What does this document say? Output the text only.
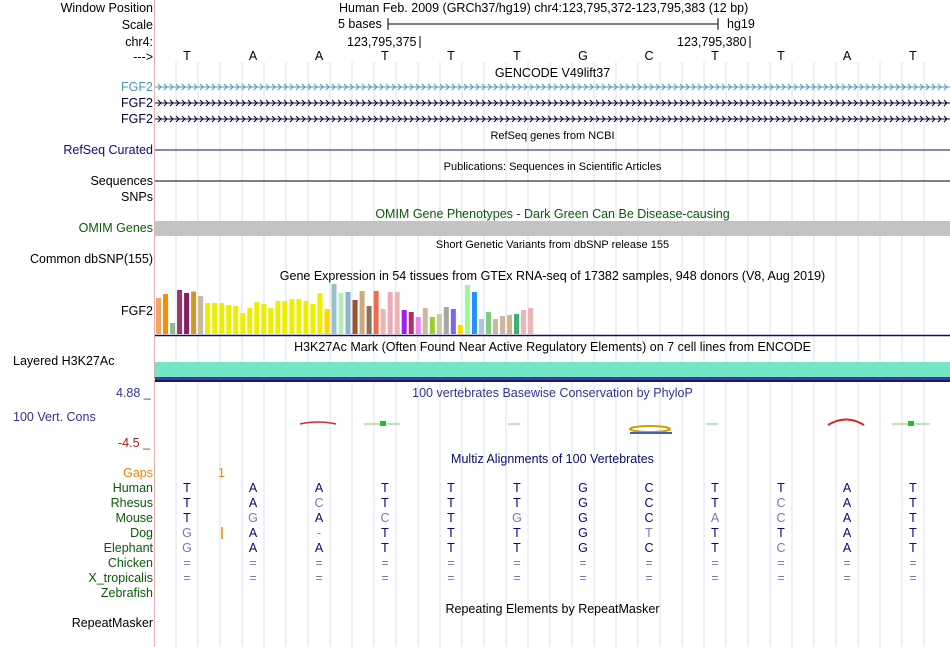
Window Position	Human Feb. 2009 (GRCh37/hg19) chr4:123,795,372-123,795,383 (12 bp)
Scale	5 bases	hg19
chr4:	123,795,375	123,795,380
--->	T	A	A	T	T	T	G	C	T	T	A	T
GENCODE V49lift37
FGF2
FGF2
FGF2
RefSeq genes from NCBI
RefSeq Curated
Publications: Sequences in Scientific Articles
Sequences
SNPs
OMIM Gene Phenotypes - Dark Green Can Be Disease-causing
OMIM Genes
Short Genetic Variants from dbSNP release 155
Common dbSNP(155)
Gene Expression in 54 tissues from GTEx RNA-seq of 17382 samples, 948 donors (V8, Aug 2019)
FGF2
H3K27Ac Mark (Often Found Near Active Regulatory Elements) on 7 cell lines from ENCODE
Layered H3K27Ac
100 vertebrates Basewise Conservation by PhyloP
4.88 _
100 Vert. Cons
-4.5 _
Multiz Alignments of 100 Vertebrates
Gaps	1
Human	T	A	A	T	T	T	G	C	T	T	A	T
Rhesus	T	A	C	T	T	T	G	C	T	C	A	T
Mouse	T	G	A	C	T	G	G	C	A	C	A	T
Dog	G	A	-	T	T	T	G	T	T	T	A	T
Elephant	G	A	A	T	T	T	G	C	T	C	A	T
Chicken	=	=	=	=	=	=	=	=	=	=	=	=
X_tropicalis	=	=	=	=	=	=	=	=	=	=	=	=
Zebrafish
Repeating Elements by RepeatMasker
RepeatMasker
